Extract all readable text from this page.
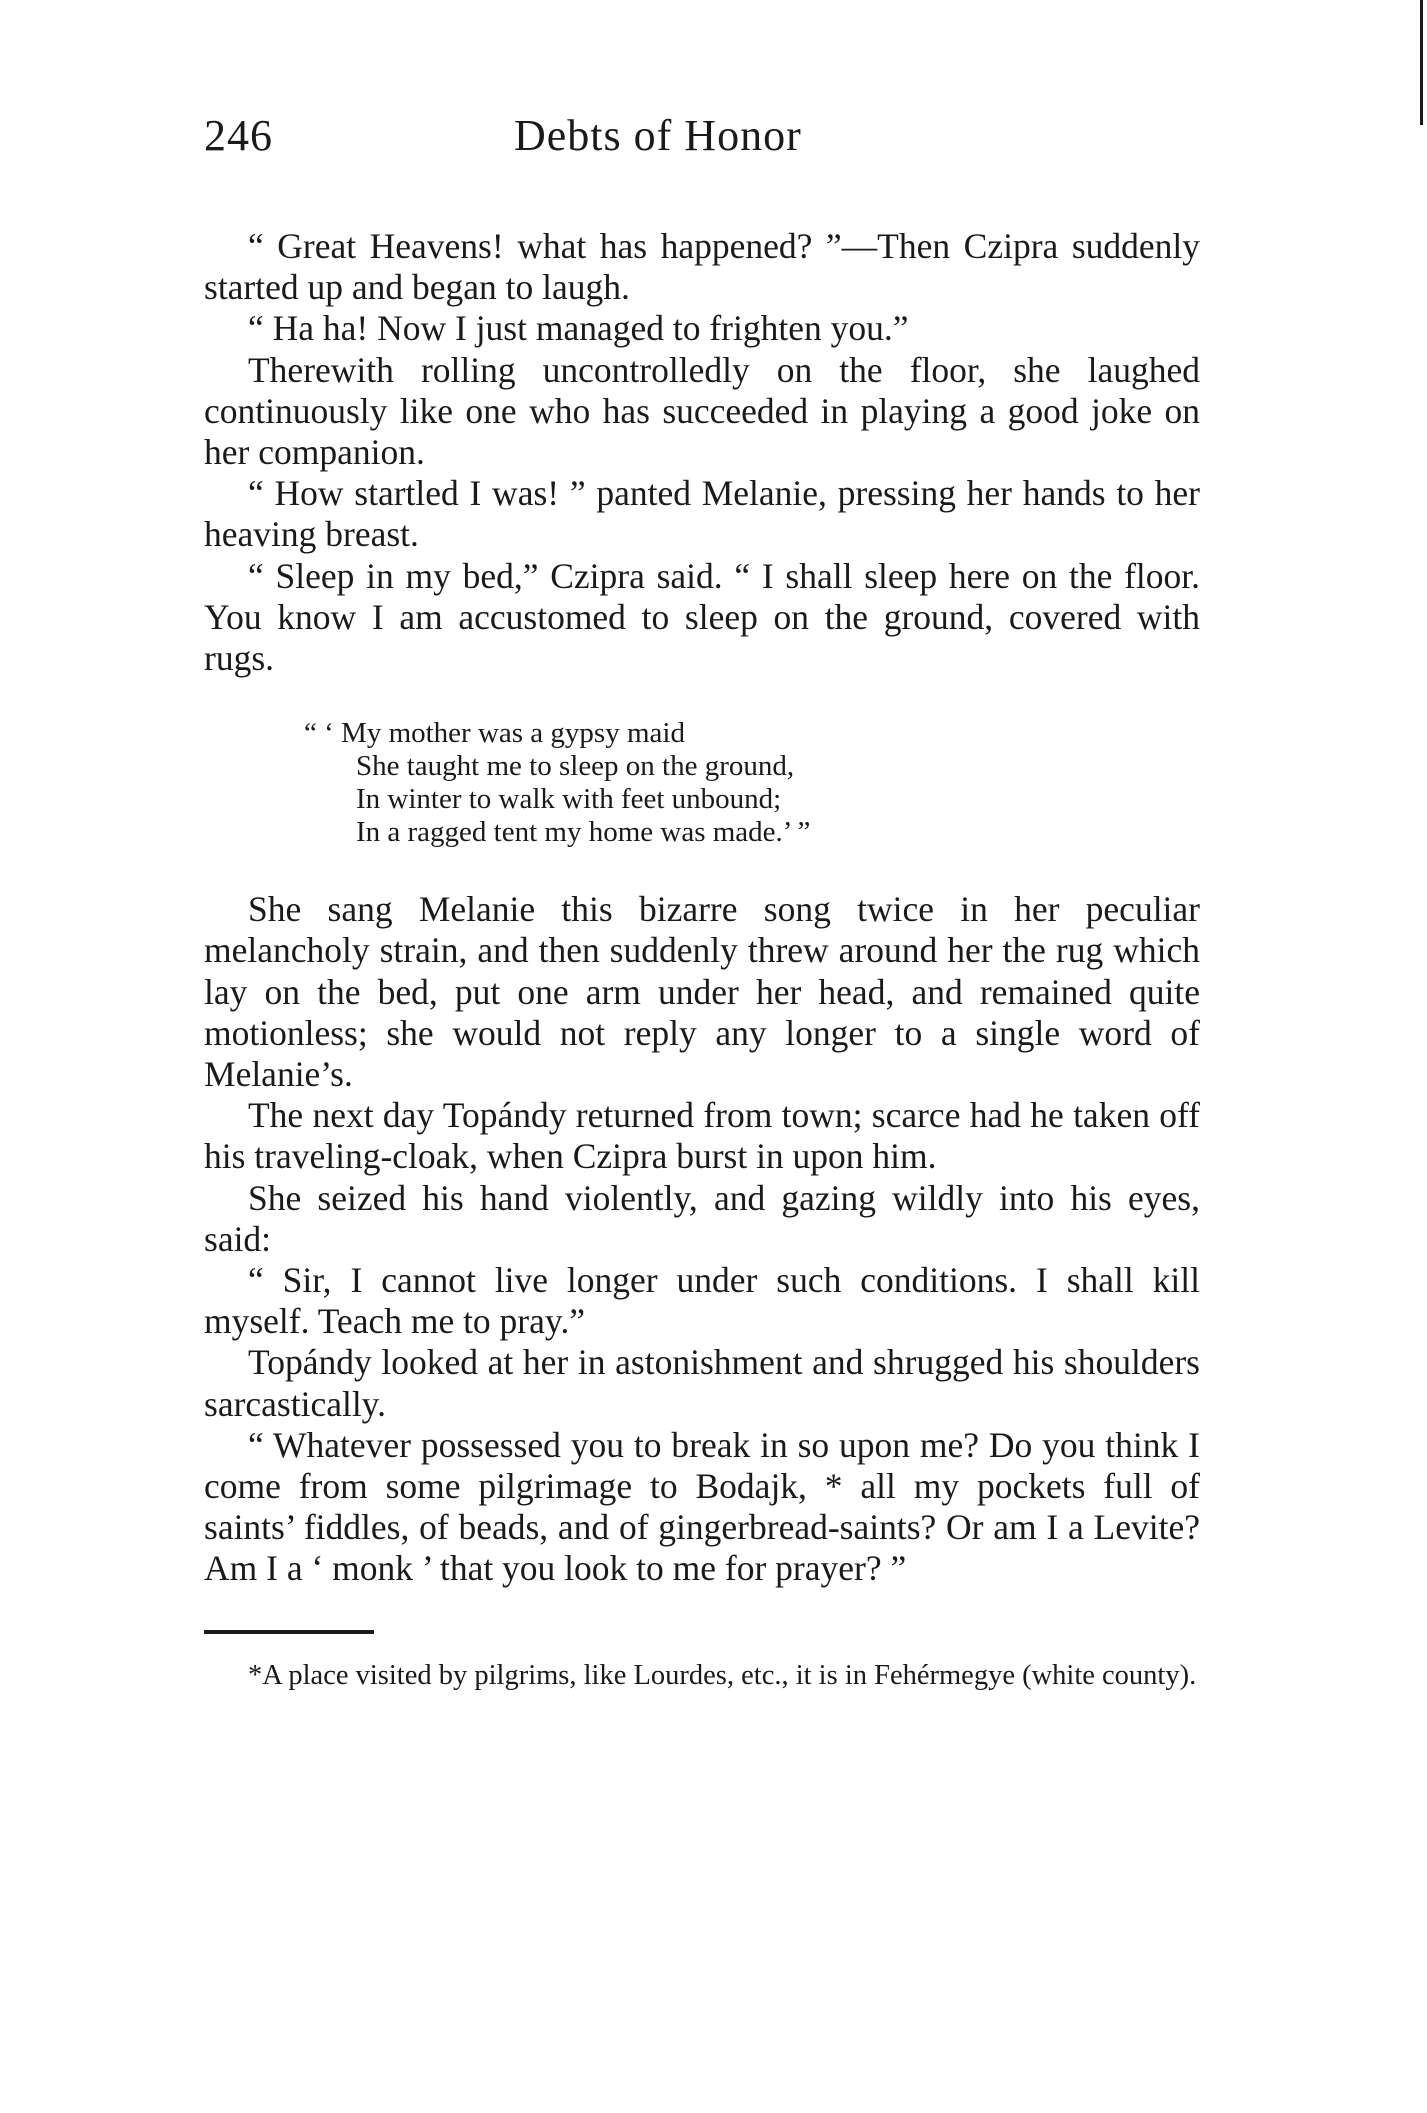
246	Debts of Honor

“ Great Heavens! what has happened? ”—Then Czipra suddenly started up and began to laugh.

“ Ha ha! Now I just managed to frighten you.”

Therewith rolling uncontrolledly on the floor, she laughed continuously like one who has succeeded in playing a good joke on her companion.

“ How startled I was! ” panted Melanie, pressing her hands to her heaving breast.

“ Sleep in my bed,” Czipra said. “ I shall sleep here on the floor. You know I am accustomed to sleep on the ground, covered with rugs.

“ ‘ My mother was a gypsy maid
She taught me to sleep on the ground,
In winter to walk with feet unbound;
In a ragged tent my home was made.’ ”

She sang Melanie this bizarre song twice in her peculiar melancholy strain, and then suddenly threw around her the rug which lay on the bed, put one arm under her head, and remained quite motionless; she would not reply any longer to a single word of Melanie’s.

The next day Topándy returned from town; scarce had he taken off his traveling-cloak, when Czipra burst in upon him.

She seized his hand violently, and gazing wildly into his eyes, said:

“ Sir, I cannot live longer under such conditions. I shall kill myself. Teach me to pray.”

Topándy looked at her in astonishment and shrugged his shoulders sarcastically.

“ Whatever possessed you to break in so upon me? Do you think I come from some pilgrimage to Bodajk, * all my pockets full of saints’ fiddles, of beads, and of gingerbread-saints? Or am I a Levite? Am I a ‘ monk ’ that you look to me for prayer? ”

*A place visited by pilgrims, like Lourdes, etc., it is in Fehérmegye (white county).
